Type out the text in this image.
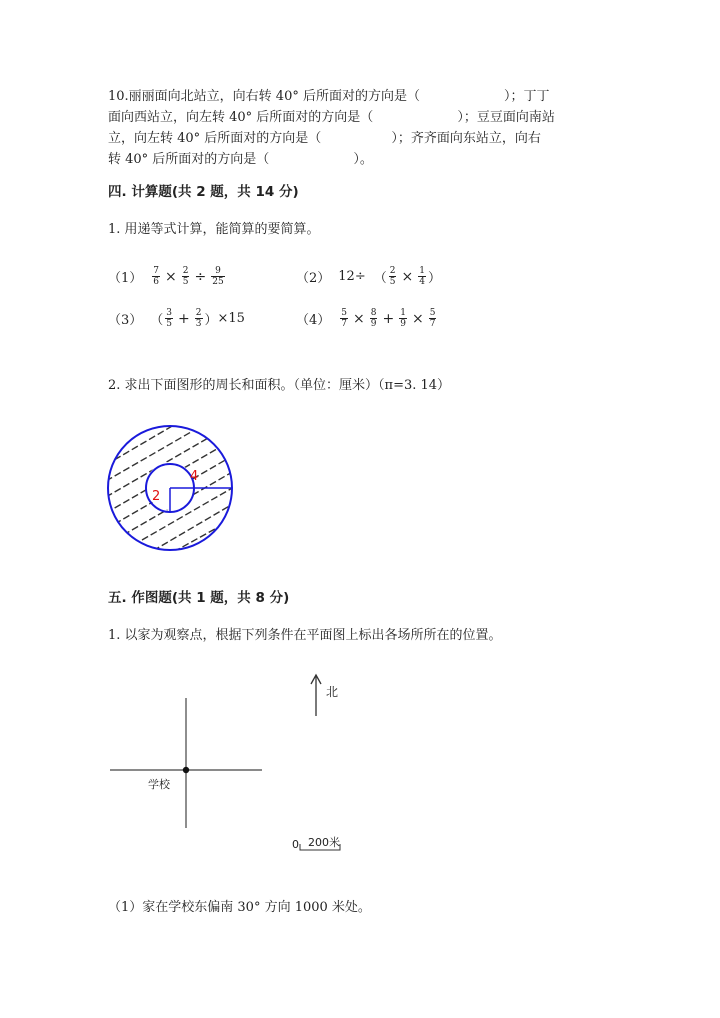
10.丽丽面向北站立，向右转 40° 后所面对的方向是（	）；丁丁
面向西站立，向左转 40° 后所面对的方向是（	）；豆豆面向南站
立，向左转 40° 后所面对的方向是（	）；齐齐面向东站立，向右
转 40° 后所面对的方向是（	）。
四. 计算题(共 2 题，共 14 分)
1. 用递等式计算，能简算的要简算。
$(1) \frac{7}{6} \times \frac{2}{5} \div \frac{9}{25}$	（2） 12÷ （ $\frac{2}{5} \times \frac{1}{4}$ ）
（3） （ $\frac{3}{5} + \frac{2}{3}$ ） ×15	$(4) \frac{5}{7} \times \frac{8}{9} + \frac{1}{9} \times \frac{5}{7}$
2. 求出下面图形的周长和面积。（单位：厘米）（π=3. 14）
2
4
五. 作图题(共 1 题，共 8 分)
1. 以家为观察点，根据下列条件在平面图上标出各场所所在的位置。
北
学校
0 200米
（1）家在学校东偏南 30° 方向 1000 米处。
